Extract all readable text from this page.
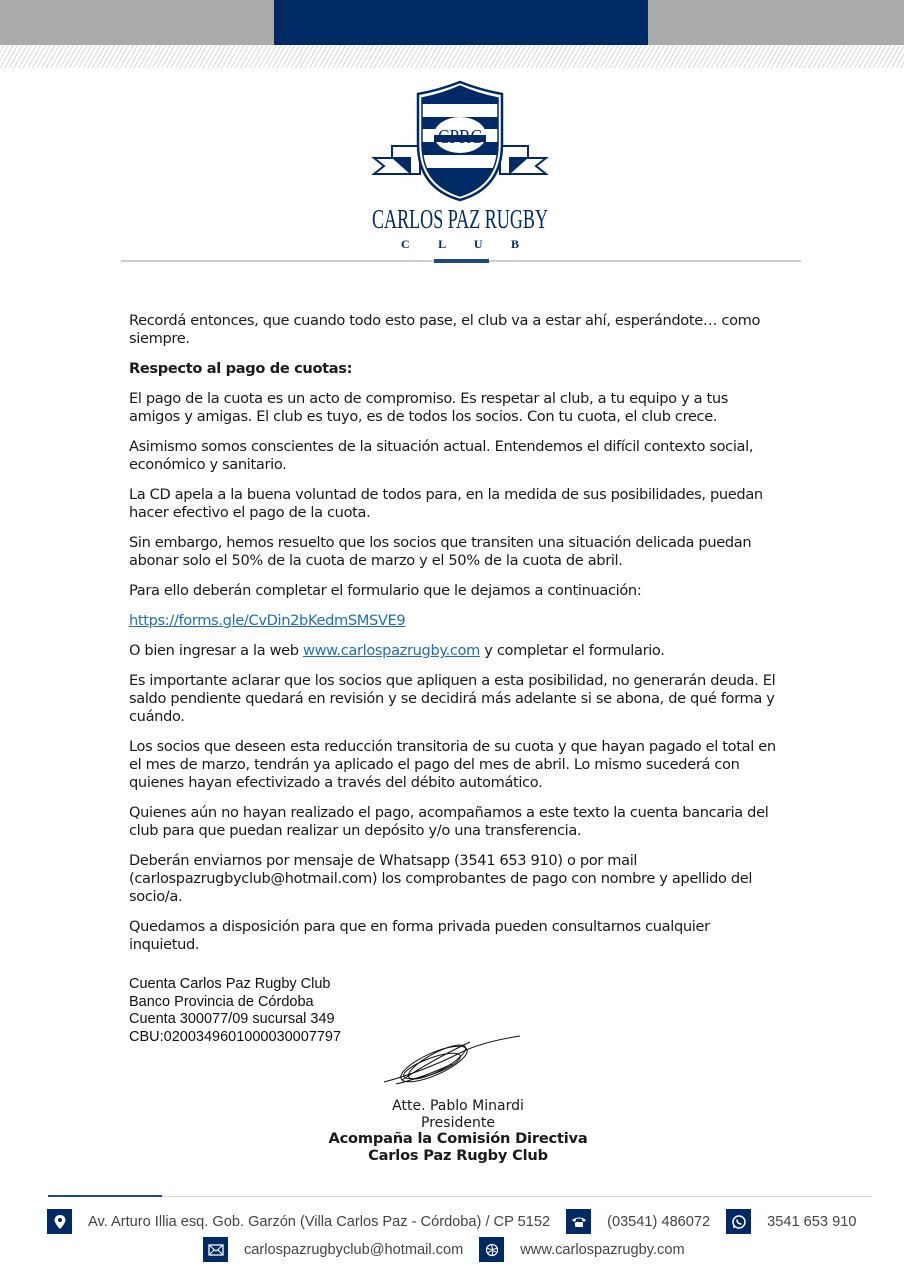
CPRC
CARLOS PAZ RUGBY
C L U B

Recordá entonces, que cuando todo esto pase, el club va a estar ahí, esperándote… como siempre.

Respecto al pago de cuotas:

El pago de la cuota es un acto de compromiso. Es respetar al club, a tu equipo y a tus amigos y amigas. El club es tuyo, es de todos los socios. Con tu cuota, el club crece.

Asimismo somos conscientes de la situación actual. Entendemos el difícil contexto social, económico y sanitario.

La CD apela a la buena voluntad de todos para, en la medida de sus posibilidades, puedan hacer efectivo el pago de la cuota.

Sin embargo, hemos resuelto que los socios que transiten una situación delicada puedan abonar solo el 50% de la cuota de marzo y el 50% de la cuota de abril.

Para ello deberán completar el formulario que le dejamos a continuación:

https://forms.gle/CvDin2bKedmSMSVE9

O bien ingresar a la web www.carlospazrugby.com y completar el formulario.

Es importante aclarar que los socios que apliquen a esta posibilidad, no generarán deuda. El saldo pendiente quedará en revisión y se decidirá más adelante si se abona, de qué forma y cuándo.

Los socios que deseen esta reducción transitoria de su cuota y que hayan pagado el total en el mes de marzo, tendrán ya aplicado el pago del mes de abril. Lo mismo sucederá con quienes hayan efectivizado a través del débito automático.

Quienes aún no hayan realizado el pago, acompañamos a este texto la cuenta bancaria del club para que puedan realizar un depósito y/o una transferencia.

Deberán enviarnos por mensaje de Whatsapp (3541 653 910) o por mail (carlospazrugbyclub@hotmail.com) los comprobantes de pago con nombre y apellido del socio/a.

Quedamos a disposición para que en forma privada pueden consultarnos cualquier inquietud.

Cuenta Carlos Paz Rugby Club
Banco Provincia de Córdoba
Cuenta 300077/09 sucursal 349
CBU:0200349601000030007797
Atte. Pablo Minardi
Presidente
Acompaña la Comisión Directiva
Carlos Paz Rugby Club
Av. Arturo Illia esq. Gob. Garzón (Villa Carlos Paz - Córdoba) / CP 5152	(03541) 486072	3541 653 910
carlospazrugbyclub@hotmail.com	www.carlospazrugby.com
